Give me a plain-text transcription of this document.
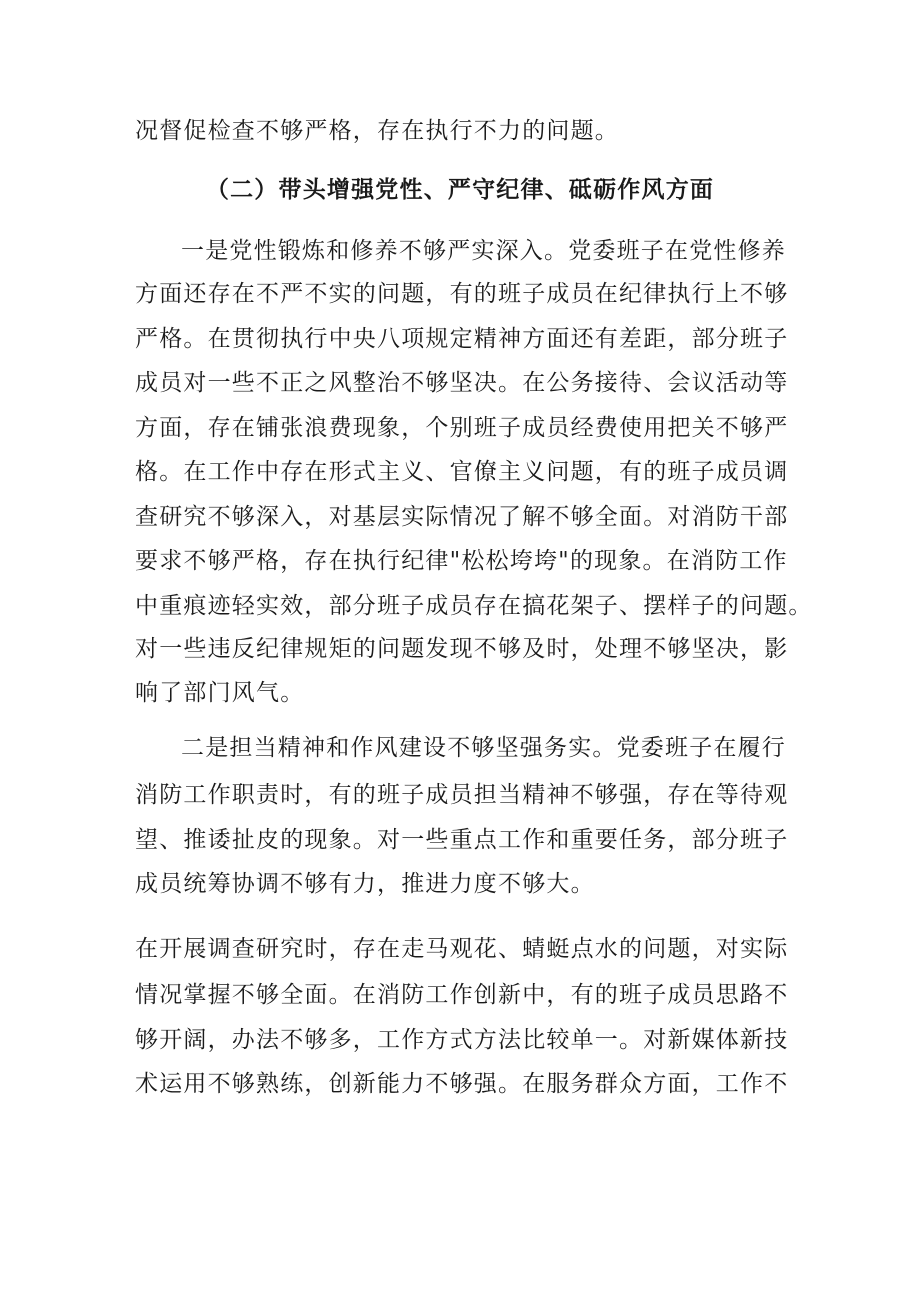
况督促检查不够严格，存在执行不力的问题。
（二）带头增强党性、严守纪律、砥砺作风方面
一是党性锻炼和修养不够严实深入。党委班子在党性修养
方面还存在不严不实的问题，有的班子成员在纪律执行上不够
严格。在贯彻执行中央八项规定精神方面还有差距，部分班子
成员对一些不正之风整治不够坚决。在公务接待、会议活动等
方面，存在铺张浪费现象，个别班子成员经费使用把关不够严
格。在工作中存在形式主义、官僚主义问题，有的班子成员调
查研究不够深入，对基层实际情况了解不够全面。对消防干部
要求不够严格，存在执行纪律"松松垮垮"的现象。在消防工作
中重痕迹轻实效，部分班子成员存在搞花架子、摆样子的问题。
对一些违反纪律规矩的问题发现不够及时，处理不够坚决，影
响了部门风气。
二是担当精神和作风建设不够坚强务实。党委班子在履行
消防工作职责时，有的班子成员担当精神不够强，存在等待观
望、推诿扯皮的现象。对一些重点工作和重要任务，部分班子
成员统筹协调不够有力，推进力度不够大。
在开展调查研究时，存在走马观花、蜻蜓点水的问题，对实际
情况掌握不够全面。在消防工作创新中，有的班子成员思路不
够开阔，办法不够多，工作方式方法比较单一。对新媒体新技
术运用不够熟练，创新能力不够强。在服务群众方面，工作不
